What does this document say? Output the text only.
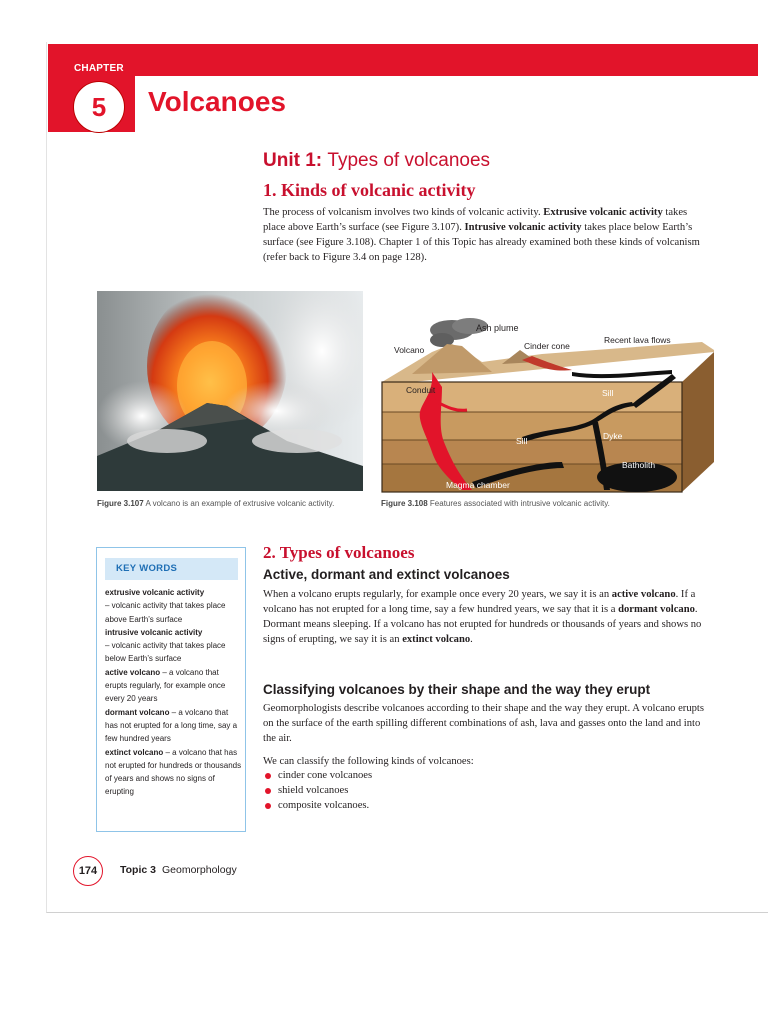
CHAPTER
5 Volcanoes
Unit 1: Types of volcanoes
1. Kinds of volcanic activity

The process of volcanism involves two kinds of volcanic activity. Extrusive volcanic activity takes place above Earth’s surface (see Figure 3.107). Intrusive volcanic activity takes place below Earth’s surface (see Figure 3.108). Chapter 1 of this Topic has already examined both these kinds of volcanism (refer back to Figure 3.4 on page 128).

Ash plume
Volcano	Cinder cone
Recent lava flows
Conduit	Sill
Sill	Dyke
Batholith
Magma chamber

Figure 3.107 A volcano is an example of extrusive volcanic activity.	Figure 3.108 Features associated with intrusive volcanic activity.

KEY WORDS
extrusive volcanic activity
– volcanic activity that takes place above Earth’s surface
intrusive volcanic activity
– volcanic activity that takes place below Earth’s surface
active volcano – a volcano that erupts regularly, for example once every 20 years
dormant volcano – a volcano that has not erupted for a long time, say a few hundred years
extinct volcano – a volcano that has not erupted for hundreds or thousands of years and shows no signs of erupting
2. Types of volcanoes
Active, dormant and extinct volcanoes

When a volcano erupts regularly, for example once every 20 years, we say it is an active volcano. If a volcano has not erupted for a long time, say a few hundred years, we say that it is a dormant volcano. Dormant means sleeping. If a volcano has not erupted for hundreds or thousands of years and shows no signs of erupting, we say it is an extinct volcano.

Classifying volcanoes by their shape and the way they erupt

Geomorphologists describe volcanoes according to their shape and the way they erupt. A volcano erupts on the surface of the earth spilling different combinations of ash, lava and gasses onto the land and into the air.

We can classify the following kinds of volcanoes:

cinder cone volcanoes
shield volcanoes
composite volcanoes.
174 Topic 3 Geomorphology
